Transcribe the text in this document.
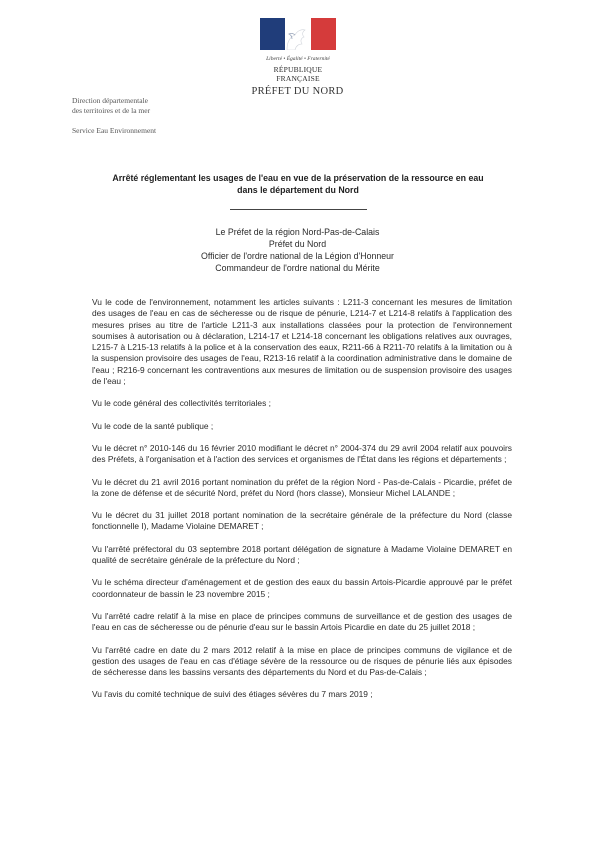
Liberté • Égalité • Fraternité
RÉPUBLIQUE FRANÇAISE
PRÉFET DU NORD
Direction départementale
des territoires et de la mer
Service Eau Environnement
Arrêté réglementant les usages de l'eau en vue de la préservation de la ressource en eau
dans le département du Nord
Le Préfet de la région Nord-Pas-de-Calais
Préfet du Nord
Officier de l'ordre national de la Légion d'Honneur
Commandeur de l'ordre national du Mérite

Vu le code de l'environnement, notamment les articles suivants : L211-3 concernant les mesures de limitation des usages de l'eau en cas de sécheresse ou de risque de pénurie, L214-7 et L214-8 relatifs à l'application des mesures prises au titre de l'article L211-3 aux installations classées pour la protection de l'environnement soumises à autorisation ou à déclaration, L214-17 et L214-18 concernant les obligations relatives aux ouvrages, L215-7 à L215-13 relatifs à la police et à la conservation des eaux, R211-66 à R211-70 relatifs à la limitation ou à la suspension provisoire des usages de l'eau, R213-16 relatif à la coordination administrative dans le domaine de l'eau ; R216-9 concernant les contraventions aux mesures de limitation ou de suspension provisoire des usages de l'eau ;

Vu le code général des collectivités territoriales ;

Vu le code de la santé publique ;

Vu le décret n° 2010-146 du 16 février 2010 modifiant le décret n° 2004-374 du 29 avril 2004 relatif aux pouvoirs des Préfets, à l'organisation et à l'action des services et organismes de l'État dans les régions et départements ;

Vu le décret du 21 avril 2016 portant nomination du préfet de la région Nord - Pas-de-Calais - Picardie, préfet de la zone de défense et de sécurité Nord, préfet du Nord (hors classe), Monsieur Michel LALANDE ;

Vu le décret du 31 juillet 2018 portant nomination de la secrétaire générale de la préfecture du Nord (classe fonctionnelle I), Madame Violaine DEMARET ;

Vu l'arrêté préfectoral du 03 septembre 2018 portant délégation de signature à Madame Violaine DEMARET en qualité de secrétaire générale de la préfecture du Nord ;

Vu le schéma directeur d'aménagement et de gestion des eaux du bassin Artois-Picardie approuvé par le préfet coordonnateur de bassin le 23 novembre 2015 ;

Vu l'arrêté cadre relatif à la mise en place de principes communs de surveillance et de gestion des usages de l'eau en cas de sécheresse ou de pénurie d'eau sur le bassin Artois Picardie en date du 25 juillet 2018 ;

Vu l'arrêté cadre en date du 2 mars 2012 relatif à la mise en place de principes communs de vigilance et de gestion des usages de l'eau en cas d'étiage sévère de la ressource ou de risques de pénurie liés aux épisodes de sécheresse dans les bassins versants des départements du Nord et du Pas-de-Calais ;

Vu l'avis du comité technique de suivi des étiages sévères du 7 mars 2019 ;
